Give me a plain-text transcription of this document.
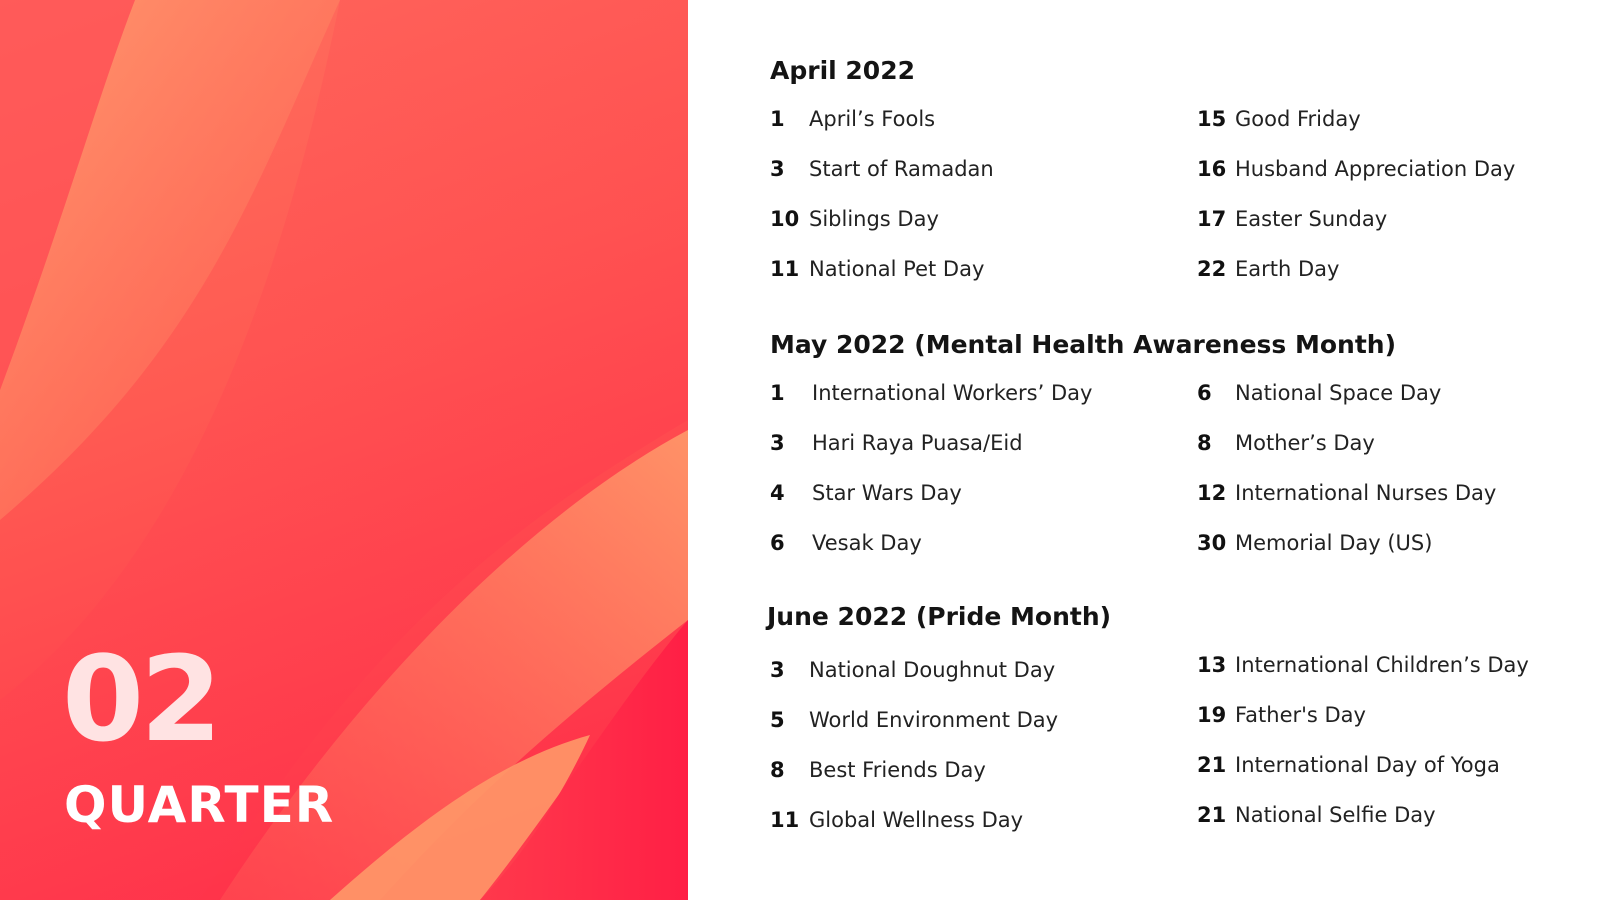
02
QUARTER
April 2022
1 April’s Fools
3 Start of Ramadan
10 Siblings Day
11 National Pet Day
15 Good Friday
16 Husband Appreciation Day
17 Easter Sunday
22 Earth Day
May 2022 (Mental Health Awareness Month)
1 International Workers’ Day
3 Hari Raya Puasa/Eid
4 Star Wars Day
6 Vesak Day
6 National Space Day
8 Mother’s Day
12 International Nurses Day
30 Memorial Day (US)
June 2022 (Pride Month)
3 National Doughnut Day
5 World Environment Day
8 Best Friends Day
11 Global Wellness Day
13 International Children’s Day
19 Father's Day
21 International Day of Yoga
21 National Selfie Day
